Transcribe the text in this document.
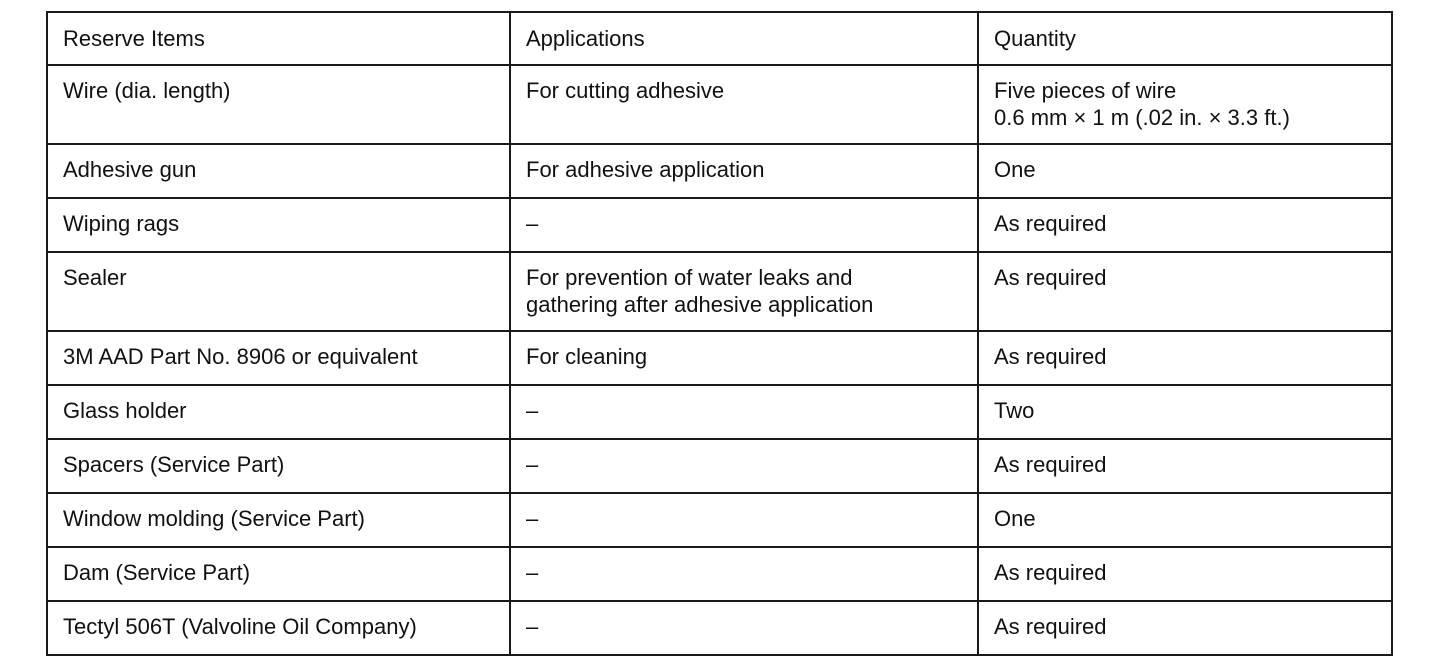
Reserve Items	Applications	Quantity
Wire (dia. length)	For cutting adhesive	Five pieces of wire
0.6 mm × 1 m (.02 in. × 3.3 ft.)
Adhesive gun	For adhesive application	One
Wiping rags	–	As required
Sealer	For prevention of water leaks and
gathering after adhesive application	As required
3M AAD Part No. 8906 or equivalent	For cleaning	As required
Glass holder	–	Two
Spacers (Service Part)	–	As required
Window molding (Service Part)	–	One
Dam (Service Part)	–	As required
Tectyl 506T (Valvoline Oil Company)	–	As required
